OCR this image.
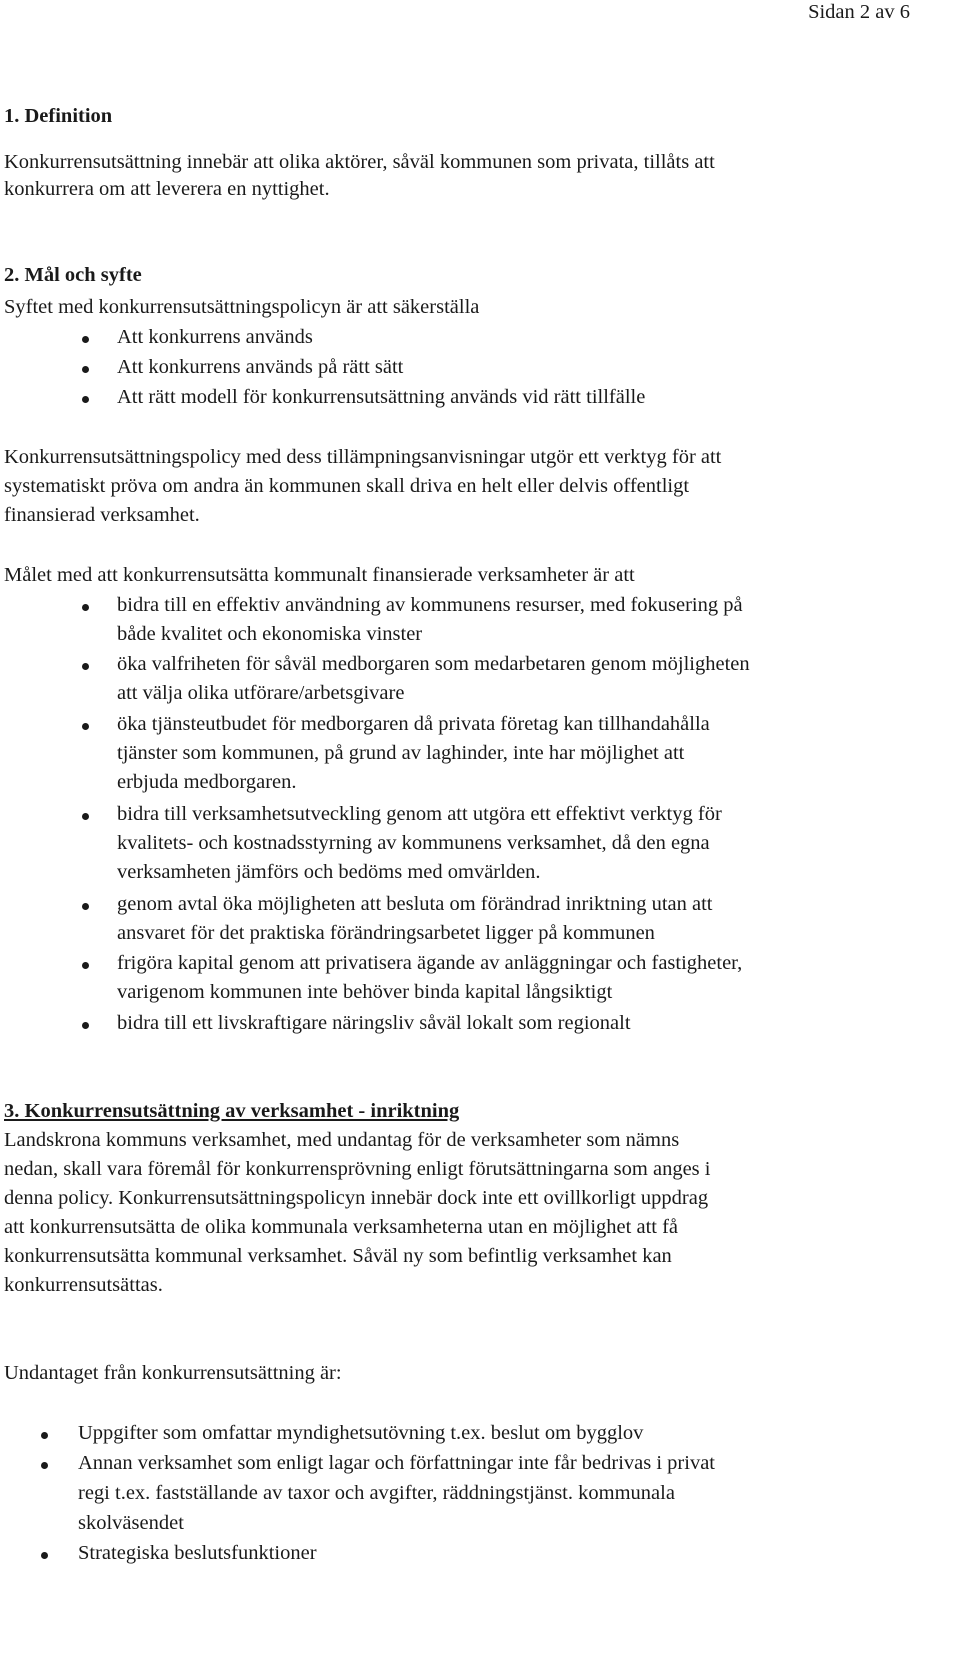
Sidan 2 av 6
1. Definition
Konkurrensutsättning innebär att olika aktörer, såväl kommunen som privata, tillåts att
konkurrera om att leverera en nyttighet.
2. Mål och syfte
Syftet med konkurrensutsättningspolicyn är att säkerställa
Att konkurrens används
Att konkurrens används på rätt sätt
Att rätt modell för konkurrensutsättning används vid rätt tillfälle
Konkurrensutsättningspolicy med dess tillämpningsanvisningar utgör ett verktyg för att
systematiskt pröva om andra än kommunen skall driva en helt eller delvis offentligt
finansierad verksamhet.
Målet med att konkurrensutsätta kommunalt finansierade verksamheter är att
bidra till en effektiv användning av kommunens resurser, med fokusering på
både kvalitet och ekonomiska vinster
öka valfriheten för såväl medborgaren som medarbetaren genom möjligheten
att välja olika utförare/arbetsgivare
öka tjänsteutbudet för medborgaren då privata företag kan tillhandahålla
tjänster som kommunen, på grund av laghinder, inte har möjlighet att
erbjuda medborgaren.
bidra till verksamhetsutveckling genom att utgöra ett effektivt verktyg för
kvalitets- och kostnadsstyrning av kommunens verksamhet, då den egna
verksamheten jämförs och bedöms med omvärlden.
genom avtal öka möjligheten att besluta om förändrad inriktning utan att
ansvaret för det praktiska förändringsarbetet ligger på kommunen
frigöra kapital genom att privatisera ägande av anläggningar och fastigheter,
varigenom kommunen inte behöver binda kapital långsiktigt
bidra till ett livskraftigare näringsliv såväl lokalt som regionalt
3. Konkurrensutsättning av verksamhet - inriktning
Landskrona kommuns verksamhet, med undantag för de verksamheter som nämns
nedan, skall vara föremål för konkurrensprövning enligt förutsättningarna som anges i
denna policy. Konkurrensutsättningspolicyn innebär dock inte ett ovillkorligt uppdrag
att konkurrensutsätta de olika kommunala verksamheterna utan en möjlighet att få
konkurrensutsätta kommunal verksamhet. Såväl ny som befintlig verksamhet kan
konkurrensutsättas.
Undantaget från konkurrensutsättning är:
Uppgifter som omfattar myndighetsutövning t.ex. beslut om bygglov
Annan verksamhet som enligt lagar och författningar inte får bedrivas i privat
regi t.ex. fastställande av taxor och avgifter, räddningstjänst. kommunala
skolväsendet
Strategiska beslutsfunktioner
